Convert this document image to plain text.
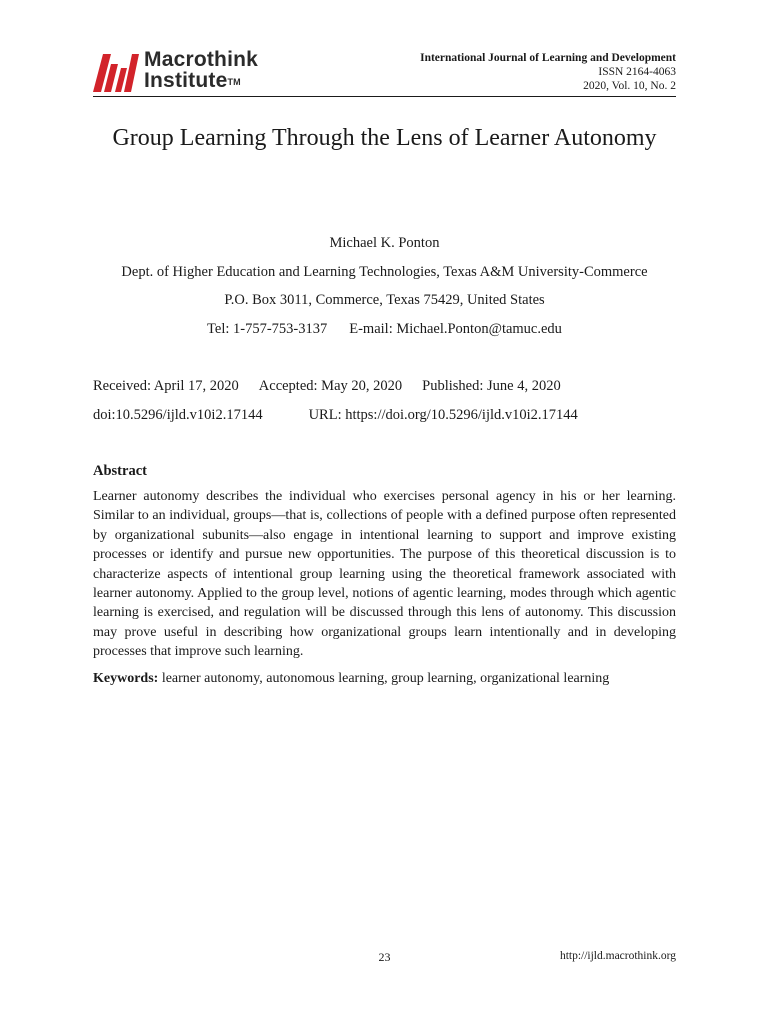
Macrothink
Institute™
International Journal of Learning and Development
ISSN 2164-4063
2020, Vol. 10, No. 2
Group Learning Through the Lens of Learner Autonomy
Michael K. Ponton
Dept. of Higher Education and Learning Technologies, Texas A&M University-Commerce
P.O. Box 3011, Commerce, Texas 75429, United States
Tel: 1-757-753-3137 E-mail: Michael.Ponton@tamuc.edu
Received: April 17, 2020 Accepted: May 20, 2020 Published: June 4, 2020
doi:10.5296/ijld.v10i2.17144	URL: https://doi.org/10.5296/ijld.v10i2.17144
Abstract

Learner autonomy describes the individual who exercises personal agency in his or her learning. Similar to an individual, groups—that is, collections of people with a defined purpose often represented by organizational subunits—also engage in intentional learning to support and improve existing processes or identify and pursue new opportunities. The purpose of this theoretical discussion is to characterize aspects of intentional group learning using the theoretical framework associated with learner autonomy. Applied to the group level, notions of agentic learning, modes through which agentic learning is exercised, and regulation will be discussed through this lens of autonomy. This discussion may prove useful in describing how organizational groups learn intentionally and in developing processes that improve such learning.

Keywords: learner autonomy, autonomous learning, group learning, organizational learning
23	http://ijld.macrothink.org
